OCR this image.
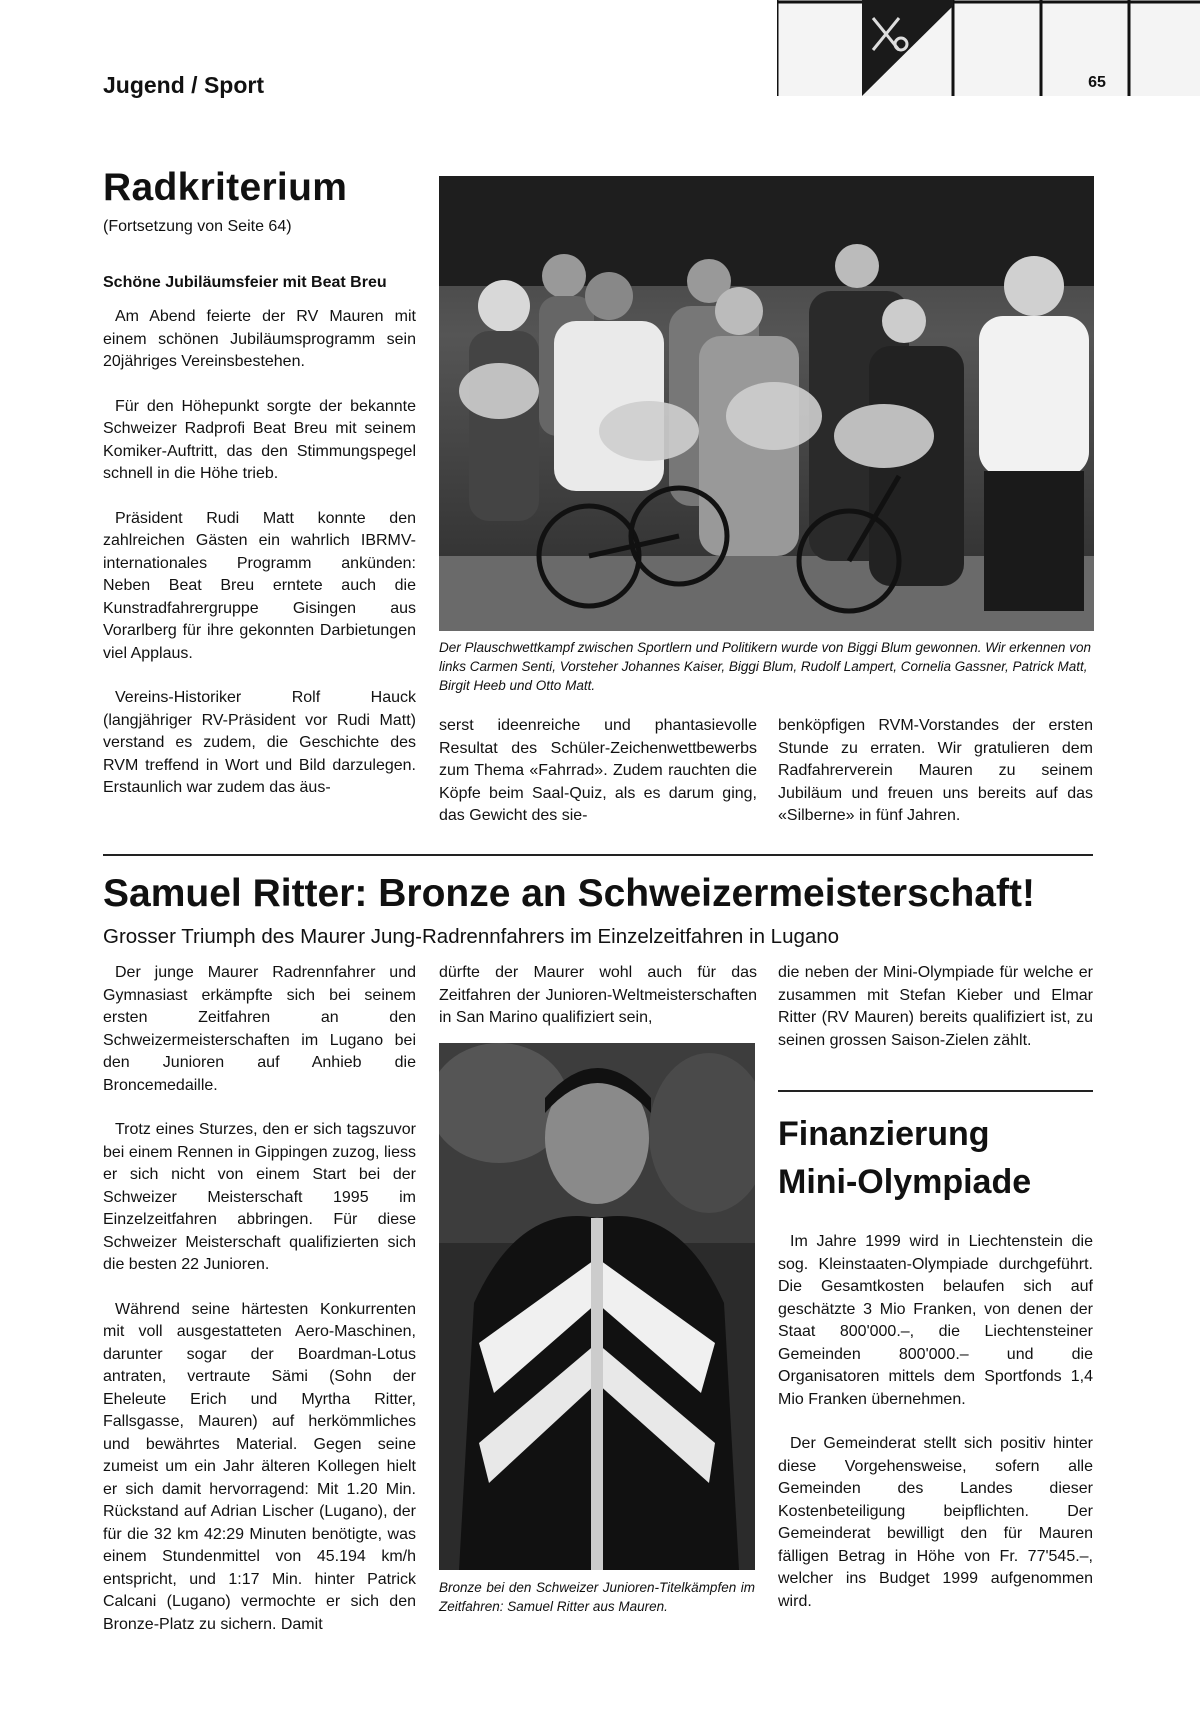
Jugend / Sport	65
Radkriterium
(Fortsetzung von Seite 64)
Schöne Jubiläumsfeier mit Beat Breu

Am Abend feierte der RV Mauren mit einem schönen Jubiläumsprogramm sein 20jähriges Vereinsbestehen.

Für den Höhepunkt sorgte der bekannte Schweizer Radprofi Beat Breu mit seinem Komiker-Auftritt, das den Stimmungspegel schnell in die Höhe trieb.

Präsident Rudi Matt konnte den zahlreichen Gästen ein wahrlich IBRMV-internationales Programm ankünden: Neben Beat Breu erntete auch die Kunstradfahrergruppe Gisingen aus Vorarlberg für ihre gekonnten Darbietungen viel Applaus.

Vereins-Historiker Rolf Hauck (langjähriger RV-Präsident vor Rudi Matt) verstand es zudem, die Geschichte des RVM treffend in Wort und Bild darzulegen. Erstaunlich war zudem das äus-

Der Plauschwettkampf zwischen Sportlern und Politikern wurde von Biggi Blum gewonnen. Wir erkennen von links Carmen Senti, Vorsteher Johannes Kaiser, Biggi Blum, Rudolf Lampert, Cornelia Gassner, Patrick Matt, Birgit Heeb und Otto Matt.
serst ideenreiche und phantasievolle Resultat des Schüler-Zeichenwettbewerbs zum Thema «Fahrrad». Zudem rauchten die Köpfe beim Saal-Quiz, als es darum ging, das Gewicht des sie-
benköpfigen RVM-Vorstandes der ersten Stunde zu erraten. Wir gratulieren dem Radfahrerverein Mauren zu seinem Jubiläum und freuen uns bereits auf das «Silberne» in fünf Jahren.
Samuel Ritter: Bronze an Schweizermeisterschaft!
Grosser Triumph des Maurer Jung-Radrennfahrers im Einzelzeitfahren in Lugano

Der junge Maurer Radrennfahrer und Gymnasiast erkämpfte sich bei seinem ersten Zeitfahren an den Schweizermeisterschaften im Lugano bei den Junioren auf Anhieb die Broncemedaille.

Trotz eines Sturzes, den er sich tagszuvor bei einem Rennen in Gippingen zuzog, liess er sich nicht von einem Start bei der Schweizer Meisterschaft 1995 im Einzelzeitfahren abbringen. Für diese Schweizer Meisterschaft qualifizierten sich die besten 22 Junioren.

Während seine härtesten Konkurrenten mit voll ausgestatteten Aero-Maschinen, darunter sogar der Boardman-Lotus antraten, vertraute Sämi (Sohn der Eheleute Erich und Myrtha Ritter, Fallsgasse, Mauren) auf herkömmliches und bewährtes Material. Gegen seine zumeist um ein Jahr älteren Kollegen hielt er sich damit hervorragend: Mit 1.20 Min. Rückstand auf Adrian Lischer (Lugano), der für die 32 km 42:29 Minuten benötigte, was einem Stundenmittel von 45.194 km/h entspricht, und 1:17 Min. hinter Patrick Calcani (Lugano) vermochte er sich den Bronze-Platz zu sichern. Damit

dürfte der Maurer wohl auch für das Zeitfahren der Junioren-Weltmeisterschaften in San Marino qualifiziert sein,
Bronze bei den Schweizer Junioren-Titelkämpfen im Zeitfahren: Samuel Ritter aus Mauren.
die neben der Mini-Olympiade für welche er zusammen mit Stefan Kieber und Elmar Ritter (RV Mauren) bereits qualifiziert ist, zu seinen grossen Saison-Zielen zählt.
Finanzierung
Mini-Olympiade

Im Jahre 1999 wird in Liechtenstein die sog. Kleinstaaten-Olympiade durchgeführt. Die Gesamtkosten belaufen sich auf geschätzte 3 Mio Franken, von denen der Staat 800'000.–, die Liechtensteiner Gemeinden 800'000.– und die Organisatoren mittels dem Sportfonds 1,4 Mio Franken übernehmen.

Der Gemeinderat stellt sich positiv hinter diese Vorgehensweise, sofern alle Gemeinden des Landes dieser Kostenbeteiligung beipflichten. Der Gemeinderat bewilligt den für Mauren fälligen Betrag in Höhe von Fr. 77'545.–, welcher ins Budget 1999 aufgenommen wird.
